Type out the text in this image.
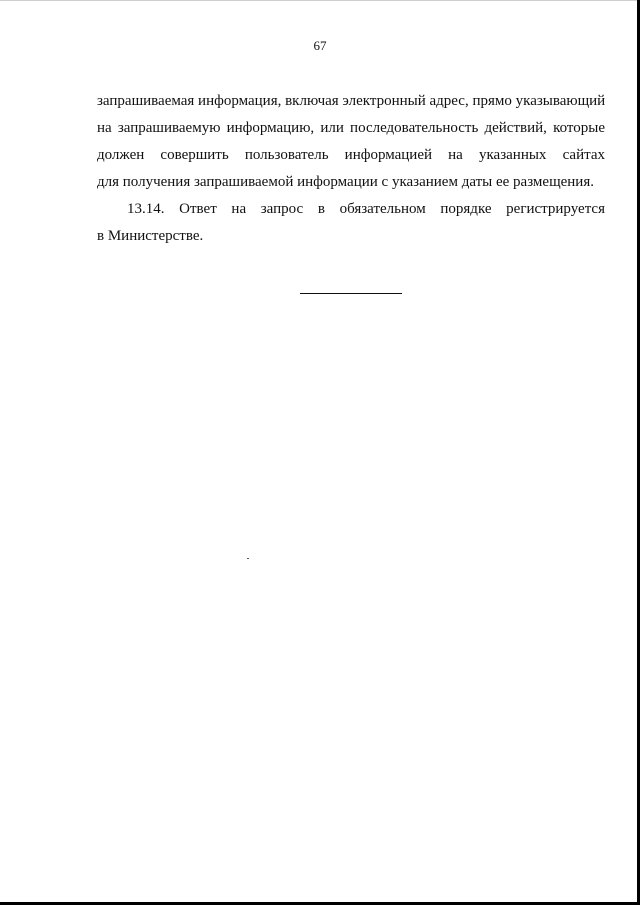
67

запрашиваемая информация, включая электронный адрес, прямо указывающий
на запрашиваемую информацию, или последовательность действий, которые
должен совершить пользователь информацией на указанных сайтах
для получения запрашиваемой информации с указанием даты ее размещения.

13.14. Ответ на запрос в обязательном порядке регистрируется
в Министерстве.
